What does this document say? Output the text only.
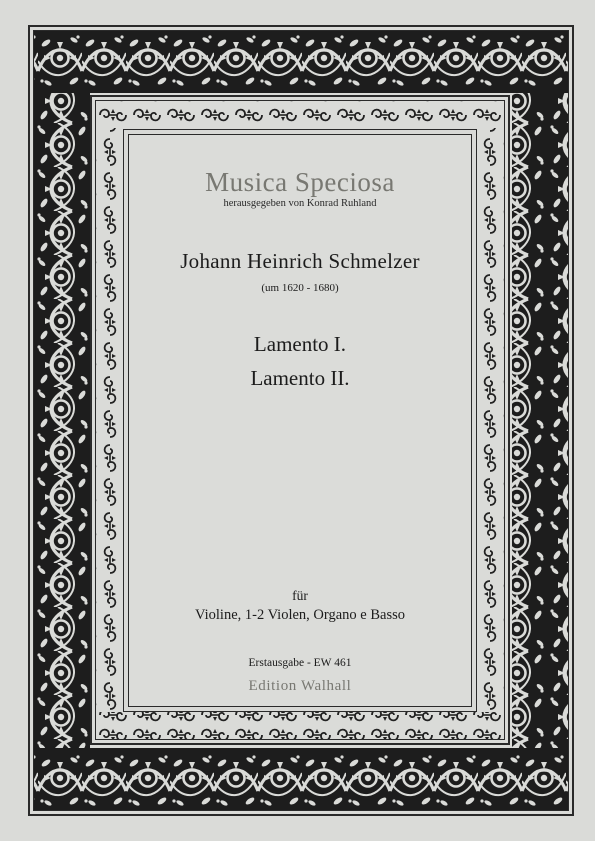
Musica Speciosa

herausgegeben von Konrad Ruhland

Johann Heinrich Schmelzer

(um 1620 - 1680)

Lamento I.

Lamento II.

für

Violine, 1-2 Violen, Organo e Basso

Erstausgabe - EW 461

Edition Walhall
